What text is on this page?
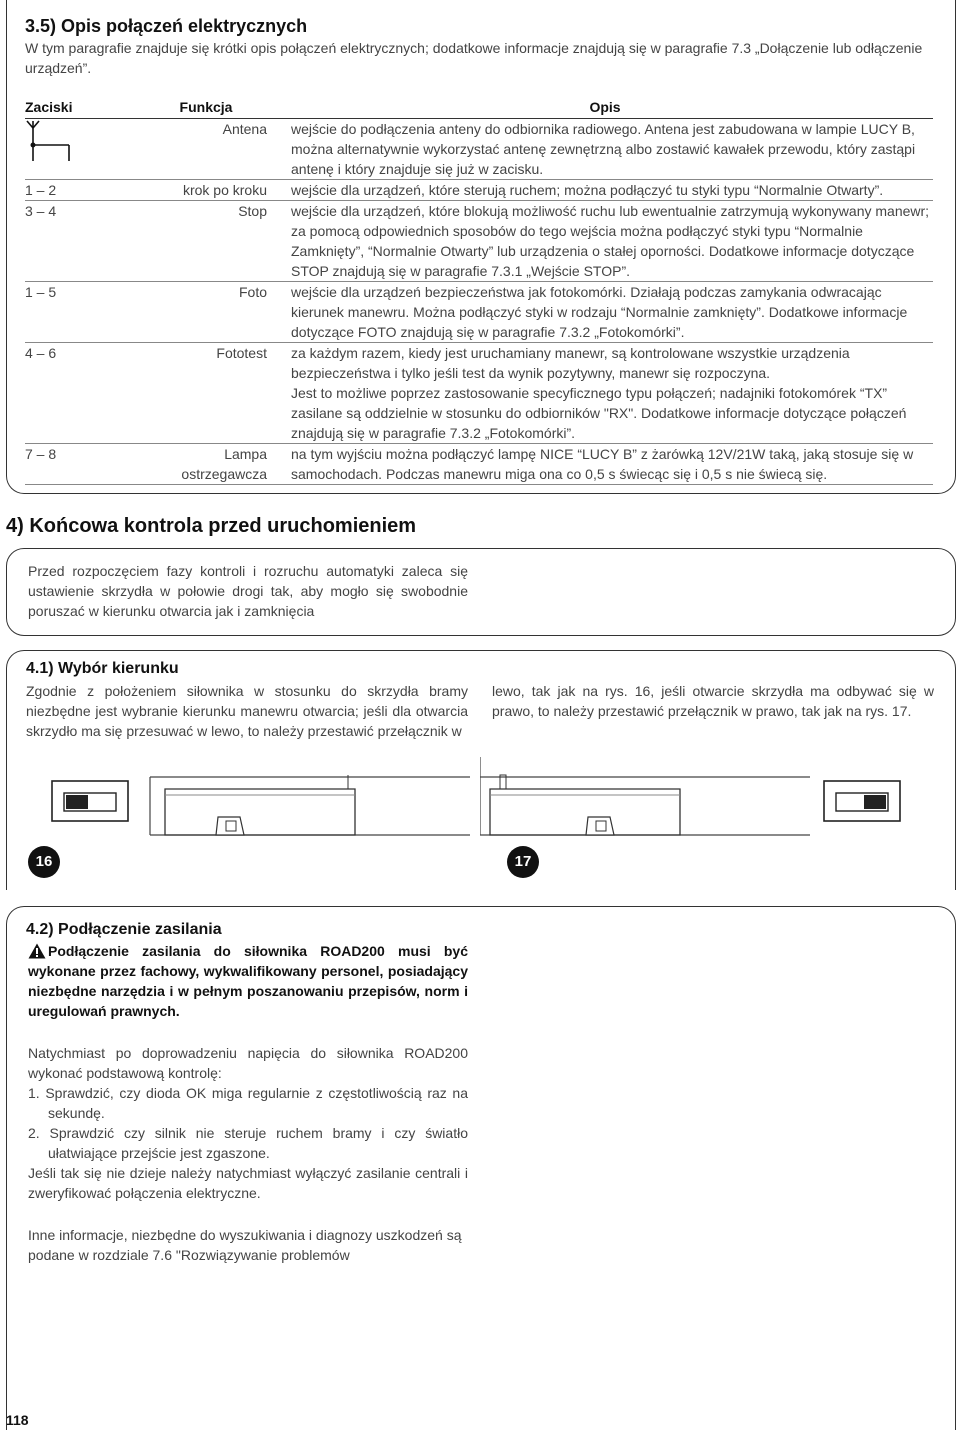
3.5) Opis połączeń elektrycznych
W tym paragrafie znajduje się krótki opis połączeń elektrycznych; dodatkowe informacje znajdują się w paragrafie 7.3 „Dołączenie lub odłączenie urządzeń”.
Zaciski	Funkcja	Opis
	Antena	wejście do podłączenia anteny do odbiornika radiowego. Antena jest zabudowana w lampie LUCY B, można alternatywnie wykorzystać antenę zewnętrzną albo zostawić kawałek przewodu, który zastąpi antenę i który znajduje się już w zacisku.
1 – 2	krok po kroku	wejście dla urządzeń, które sterują ruchem; można podłączyć tu styki typu “Normalnie Otwarty”.
3 – 4	Stop	wejście dla urządzeń, które blokują możliwość ruchu lub ewentualnie zatrzymują wykonywany manewr; za pomocą odpowiednich sposobów do tego wejścia można podłączyć styki typu “Normalnie Zamknięty”, “Normalnie Otwarty” lub urządzenia o stałej oporności. Dodatkowe informacje dotyczące STOP znajdują się w paragrafie 7.3.1 „Wejście STOP”.
1 – 5	Foto	wejście dla urządzeń bezpieczeństwa jak fotokomórki. Działają podczas zamykania odwracając kierunek manewru. Można podłączyć styki w rodzaju “Normalnie zamknięty”. Dodatkowe informacje dotyczące FOTO znajdują się w paragrafie 7.3.2 „Fotokomórki”.
4 – 6	Fototest	za każdym razem, kiedy jest uruchamiany manewr, są kontrolowane wszystkie urządzenia bezpieczeństwa i tylko jeśli test da wynik pozytywny, manewr się rozpoczyna.
Jest to możliwe poprzez zastosowanie specyficznego typu połączeń; nadajniki fotokomórek “TX” zasilane są oddzielnie w stosunku do odbiorników "RX". Dodatkowe informacje dotyczące połączeń znajdują się w paragrafie 7.3.2 „Fotokomórki”.

7 – 8	Lampa ostrzegawcza	na tym wyjściu można podłączyć lampę NICE “LUCY B” z żarówką 12V/21W taką, jaką stosuje się w samochodach. Podczas manewru miga ona co 0,5 s świecąc się i 0,5 s nie świecą się.
4) Końcowa kontrola przed uruchomieniem
Przed rozpoczęciem fazy kontroli i rozruchu automatyki zaleca się ustawienie skrzydła w połowie drogi tak, aby mogło się swobodnie poruszać w kierunku otwarcia jak i zamknięcia
4.1) Wybór kierunku
Zgodnie z położeniem siłownika w stosunku do skrzydła bramy niezbędne jest wybranie kierunku manewru otwarcia; jeśli dla otwarcia skrzydło ma się przesuwać w lewo, to należy przestawić przełącznik w
lewo, tak jak na rys. 16, jeśli otwarcie skrzydła ma odbywać się w prawo, to należy przestawić przełącznik w prawo, tak jak na rys. 17.
16	17
4.2) Podłączenie zasilania
Podłączenie zasilania do siłownika ROAD200 musi być wykonane przez fachowy, wykwalifikowany personel, posiadający niezbędne narzędzia i w pełnym poszanowaniu przepisów, norm i uregulowań prawnych.
Natychmiast po doprowadzeniu napięcia do siłownika ROAD200 wykonać podstawową kontrolę:
1. Sprawdzić, czy dioda OK miga regularnie z częstotliwością raz na sekundę.
2. Sprawdzić czy silnik nie steruje ruchem bramy i czy światło ułatwiające przejście jest zgaszone.
Jeśli tak się nie dzieje należy natychmiast wyłączyć zasilanie centrali i zweryfikować połączenia elektryczne.
Inne informacje, niezbędne do wyszukiwania i diagnozy uszkodzeń są podane w rozdziale 7.6 "Rozwiązywanie problemów
118
